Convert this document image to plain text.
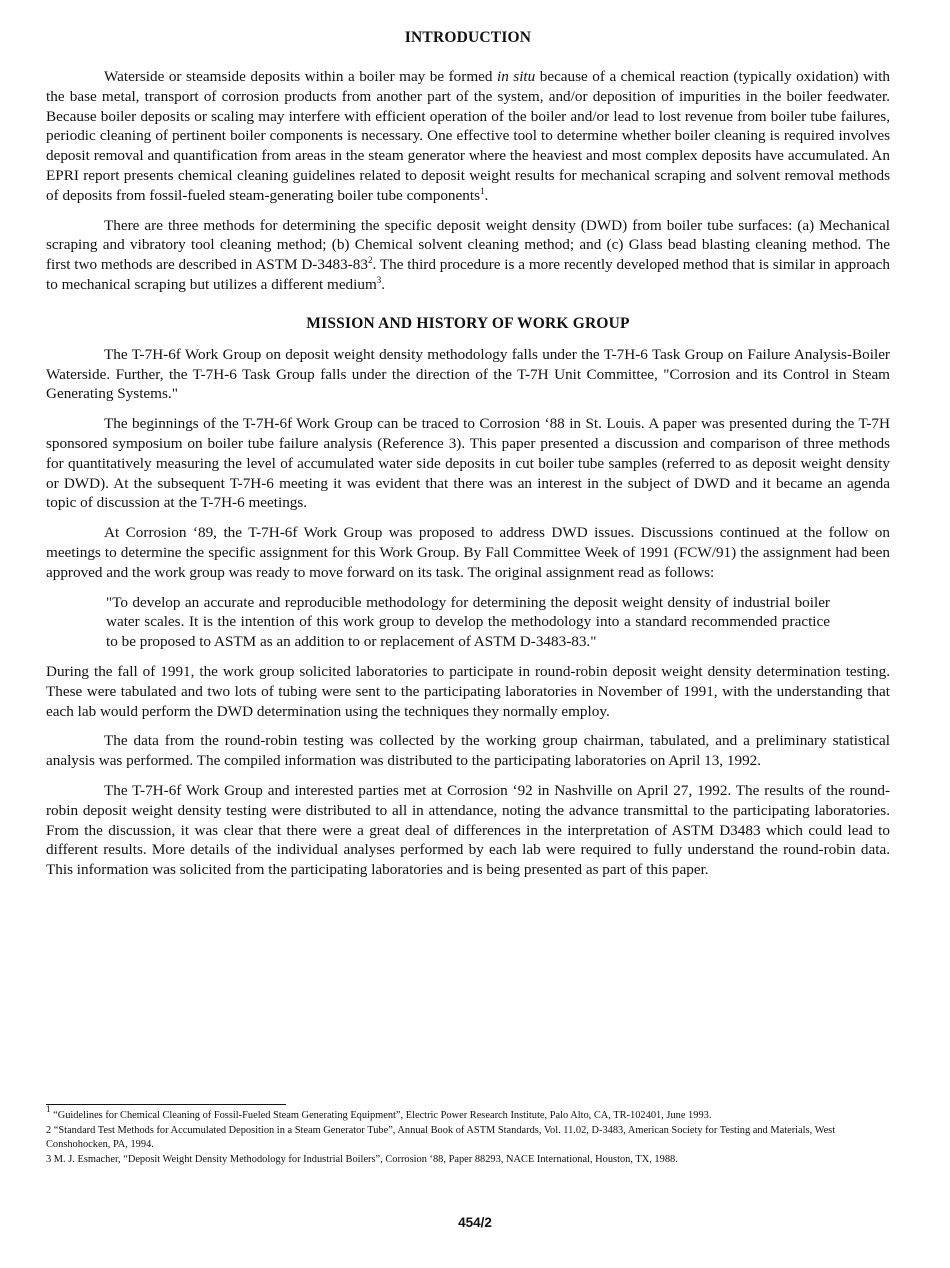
INTRODUCTION

Waterside or steamside deposits within a boiler may be formed in situ because of a chemical reaction (typically oxidation) with the base metal, transport of corrosion products from another part of the system, and/or deposition of impurities in the boiler feedwater. Because boiler deposits or scaling may interfere with efficient operation of the boiler and/or lead to lost revenue from boiler tube failures, periodic cleaning of pertinent boiler components is necessary. One effective tool to determine whether boiler cleaning is required involves deposit removal and quantification from areas in the steam generator where the heaviest and most complex deposits have accumulated. An EPRI report presents chemical cleaning guidelines related to deposit weight results for mechanical scraping and solvent removal methods of deposits from fossil-fueled steam-generating boiler tube components$^1$.

There are three methods for determining the specific deposit weight density (DWD) from boiler tube surfaces: (a) Mechanical scraping and vibratory tool cleaning method; (b) Chemical solvent cleaning method; and (c) Glass bead blasting cleaning method. The first two methods are described in ASTM $D-3483-83^2$. The third procedure is a more recently developed method that is similar in approach to mechanical scraping but utilizes a different medium$^3$.

MISSION AND HISTORY OF WORK GROUP

The T-7H-6f Work Group on deposit weight density methodology falls under the T-7H-6 Task Group on Failure Analysis-Boiler Waterside. Further, the T-7H-6 Task Group falls under the direction of the T-7H Unit Committee, "Corrosion and its Control in Steam Generating Systems."

The beginnings of the T-7H-6f Work Group can be traced to Corrosion ‘88 in St. Louis. A paper was presented during the T-7H sponsored symposium on boiler tube failure analysis (Reference 3). This paper presented a discussion and comparison of three methods for quantitatively measuring the level of accumulated water side deposits in cut boiler tube samples (referred to as deposit weight density or DWD). At the subsequent T-7H-6 meeting it was evident that there was an interest in the subject of DWD and it became an agenda topic of discussion at the T-7H-6 meetings.

At Corrosion ‘89, the T-7H-6f Work Group was proposed to address DWD issues. Discussions continued at the follow on meetings to determine the specific assignment for this Work Group. By Fall Committee Week of 1991 (FCW/91) the assignment had been approved and the work group was ready to move forward on its task. The original assignment read as follows:

"To develop an accurate and reproducible methodology for determining the deposit weight density of industrial boiler water scales. It is the intention of this work group to develop the methodology into a standard recommended practice to be proposed to ASTM as an addition to or replacement of ASTM D-3483-83."

During the fall of 1991, the work group solicited laboratories to participate in round-robin deposit weight density determination testing. These were tabulated and two lots of tubing were sent to the participating laboratories in November of 1991, with the understanding that each lab would perform the DWD determination using the techniques they normally employ.

The data from the round-robin testing was collected by the working group chairman, tabulated, and a preliminary statistical analysis was performed. The compiled information was distributed to the participating laboratories on April 13, 1992.

The T-7H-6f Work Group and interested parties met at Corrosion ‘92 in Nashville on April 27, 1992. The results of the round-robin deposit weight density testing were distributed to all in attendance, noting the advance transmittal to the participating laboratories. From the discussion, it was clear that there were a great deal of differences in the interpretation of ASTM D3483 which could lead to different results. More details of the individual analyses performed by each lab were required to fully understand the round-robin data. This information was solicited from the participating laboratories and is being presented as part of this paper.

$^1$ “Guidelines for Chemical Cleaning of Fossil-Fueled Steam Generating Equipment”, Electric Power Research Institute, Palo Alto, CA, TR-102401, June 1993.
2 “Standard Test Methods for Accumulated Deposition in a Steam Generator Tube”, Annual Book of ASTM Standards, Vol. 11.02, D-3483, American Society for Testing and Materials, West Conshohocken, PA, 1994.
3 M. J. Esmacher, “Deposit Weight Density Methodology for Industrial Boilers”, Corrosion ‘88, Paper 88293, NACE International, Houston, TX, 1988.
454/2
